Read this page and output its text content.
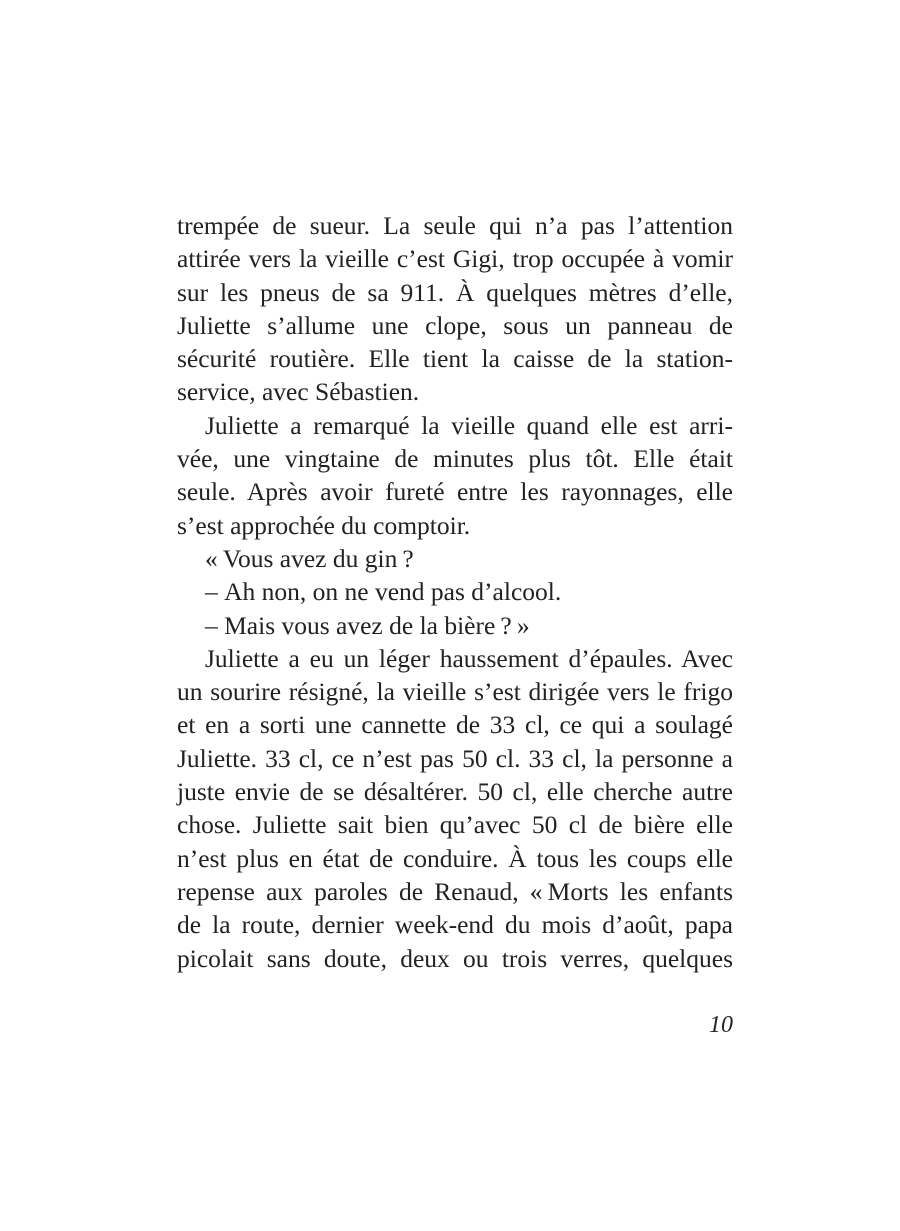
trempée de sueur. La seule qui n’a pas l’attention
attirée vers la vieille c’est Gigi, trop occupée à vomir
sur les pneus de sa 911. À quelques mètres d’elle,
Juliette s’allume une clope, sous un panneau de
sécurité routière. Elle tient la caisse de la station-
service, avec Sébastien.
Juliette a remarqué la vieille quand elle est arri-
vée, une vingtaine de minutes plus tôt. Elle était
seule. Après avoir fureté entre les rayonnages, elle
s’est approchée du comptoir.
« Vous avez du gin ?
– Ah non, on ne vend pas d’alcool.
– Mais vous avez de la bière ? »
Juliette a eu un léger haussement d’épaules. Avec
un sourire résigné, la vieille s’est dirigée vers le frigo
et en a sorti une cannette de 33 cl, ce qui a soulagé
Juliette. 33 cl, ce n’est pas 50 cl. 33 cl, la personne a
juste envie de se désaltérer. 50 cl, elle cherche autre
chose. Juliette sait bien qu’avec 50 cl de bière elle
n’est plus en état de conduire. À tous les coups elle
repense aux paroles de Renaud, « Morts les enfants
de la route, dernier week-end du mois d’août, papa
picolait sans doute, deux ou trois verres, quelques
10
